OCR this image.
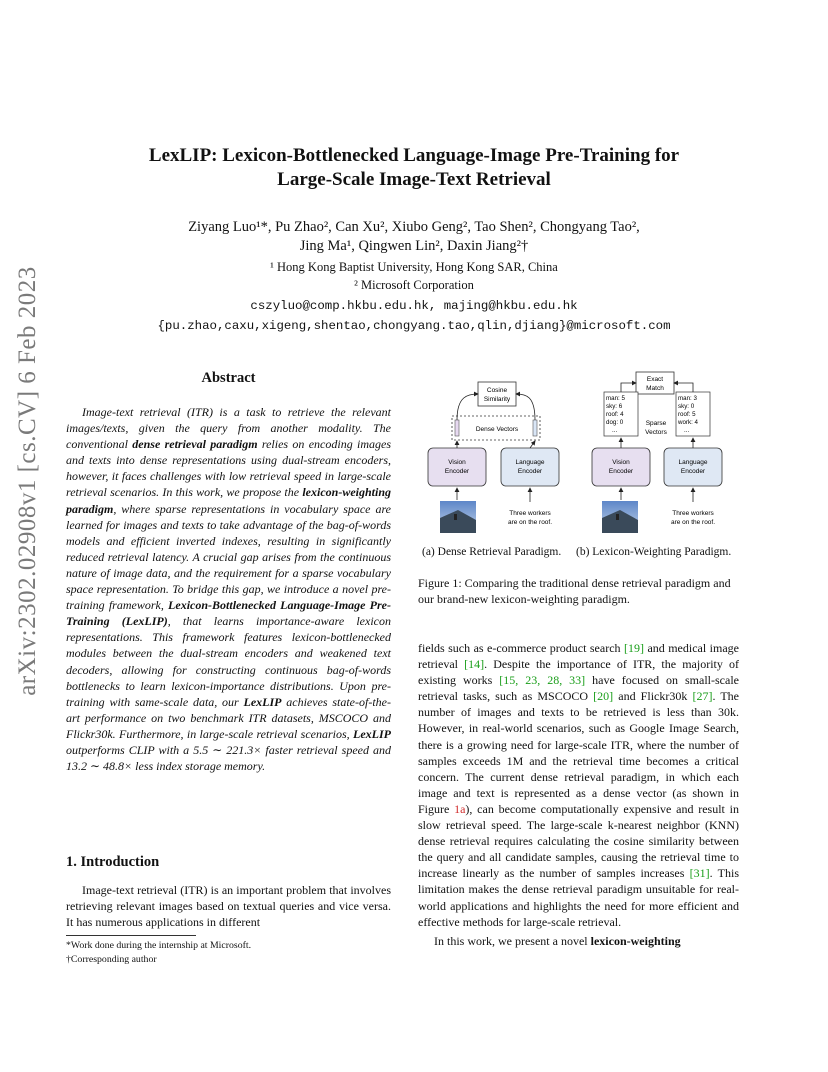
arXiv:2302.02908v1 [cs.CV] 6 Feb 2023
LexLIP: Lexicon-Bottlenecked Language-Image Pre-Training for
Large-Scale Image-Text Retrieval
Ziyang Luo¹*, Pu Zhao², Can Xu², Xiubo Geng², Tao Shen², Chongyang Tao²,
Jing Ma¹, Qingwen Lin², Daxin Jiang²†
¹ Hong Kong Baptist University, Hong Kong SAR, China
² Microsoft Corporation
cszyluo@comp.hkbu.edu.hk, majing@hkbu.edu.hk
{pu.zhao,caxu,xigeng,shentao,chongyang.tao,qlin,djiang}@microsoft.com
Abstract

Image-text retrieval (ITR) is a task to retrieve the relevant images/texts, given the query from another modality. The conventional dense retrieval paradigm relies on encoding images and texts into dense representations using dual-stream encoders, however, it faces challenges with low retrieval speed in large-scale retrieval scenarios. In this work, we propose the lexicon-weighting paradigm, where sparse representations in vocabulary space are learned for images and texts to take advantage of the bag-of-words models and efficient inverted indexes, resulting in significantly reduced retrieval latency. A crucial gap arises from the continuous nature of image data, and the requirement for a sparse vocabulary space representation. To bridge this gap, we introduce a novel pre-training framework, Lexicon-Bottlenecked Language-Image Pre-Training (LexLIP), that learns importance-aware lexicon representations. This framework features lexicon-bottlenecked modules between the dual-stream encoders and weakened text decoders, allowing for constructing continuous bag-of-words bottlenecks to learn lexicon-importance distributions. Upon pre-training with same-scale data, our LexLIP achieves state-of-the-art performance on two benchmark ITR datasets, MSCOCO and Flickr30k. Furthermore, in large-scale retrieval scenarios, LexLIP outperforms CLIP with a 5.5 ∼ 221.3× faster retrieval speed and 13.2 ∼ 48.8× less index storage memory.

1. Introduction

Image-text retrieval (ITR) is an important problem that involves retrieving relevant images based on textual queries and vice versa. It has numerous applications in different

*Work done during the internship at Microsoft.
†Corresponding author
Cosine
Similarity
Dense Vectors
Vision
Encoder
Language
Encoder
Three workers
are on the roof.
Exact
Match
man: 5
sky: 6
roof: 4
dog: 0
...
man: 3
sky: 0
roof: 5
work: 4
...
Sparse
Vectors
Vision
Encoder
Language
Encoder
Three workers
are on the roof.
(a) Dense Retrieval Paradigm. (b) Lexicon-Weighting Paradigm.
Figure 1: Comparing the traditional dense retrieval paradigm and our brand-new lexicon-weighting paradigm.

fields such as e-commerce product search [19] and medical image retrieval [14]. Despite the importance of ITR, the majority of existing works [15, 23, 28, 33] have focused on small-scale retrieval tasks, such as MSCOCO [20] and Flickr30k [27]. The number of images and texts to be retrieved is less than 30k. However, in real-world scenarios, such as Google Image Search, there is a growing need for large-scale ITR, where the number of samples exceeds 1M and the retrieval time becomes a critical concern. The current dense retrieval paradigm, in which each image and text is represented as a dense vector (as shown in Figure 1a), can become computationally expensive and result in slow retrieval speed. The large-scale k-nearest neighbor (KNN) dense retrieval requires calculating the cosine similarity between the query and all candidate samples, causing the retrieval time to increase linearly as the number of samples increases [31]. This limitation makes the dense retrieval paradigm unsuitable for real-world applications and highlights the need for more efficient and effective methods for large-scale retrieval.

In this work, we present a novel lexicon-weighting
